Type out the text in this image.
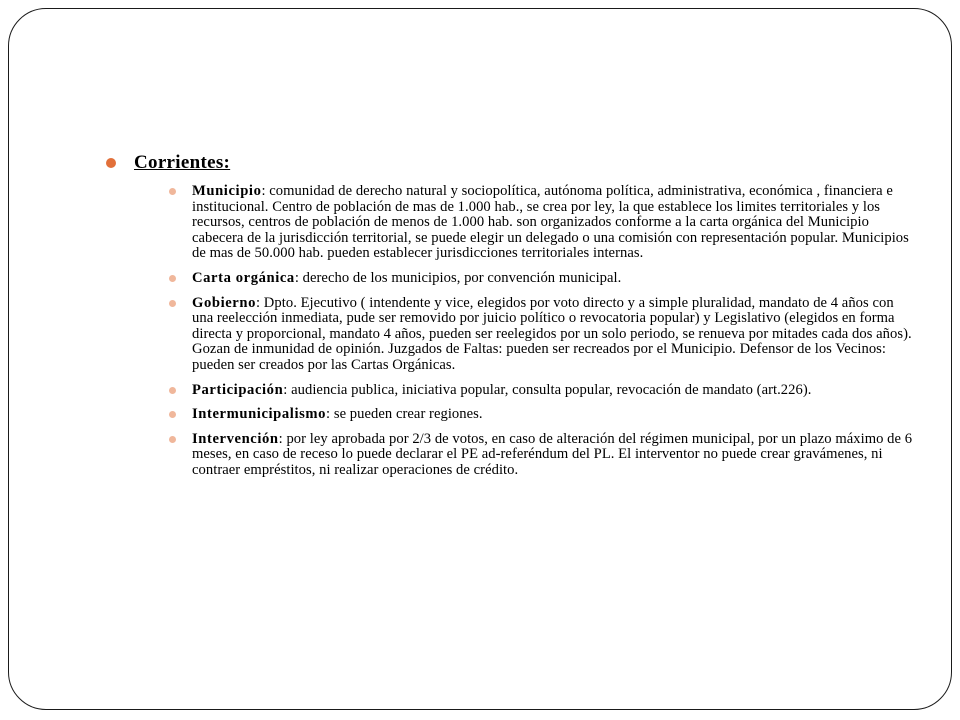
Corrientes:
Municipio: comunidad de derecho natural y sociopolítica, autónoma política, administrativa, económica , financiera e institucional. Centro de población de mas de 1.000 hab., se crea por ley, la que establece los limites territoriales y los recursos, centros de población de menos de 1.000 hab. son organizados conforme a la carta orgánica del Municipio cabecera de la jurisdicción territorial, se puede elegir un delegado o una comisión con representación popular. Municipios de mas de 50.000 hab. pueden establecer jurisdicciones territoriales internas.
Carta orgánica: derecho de los municipios, por convención municipal.
Gobierno: Dpto. Ejecutivo ( intendente y vice, elegidos por voto directo y a simple pluralidad, mandato de 4 años con una reelección inmediata, pude ser removido por juicio político o revocatoria popular) y Legislativo (elegidos en forma directa y proporcional, mandato 4 años, pueden ser reelegidos por un solo periodo, se renueva por mitades cada dos años). Gozan de inmunidad de opinión. Juzgados de Faltas: pueden ser recreados por el Municipio. Defensor de los Vecinos: pueden ser creados por las Cartas Orgánicas.
Participación: audiencia publica, iniciativa popular, consulta popular, revocación de mandato (art.226).
Intermunicipalismo: se pueden crear regiones.
Intervención: por ley aprobada por 2/3 de votos, en caso de alteración del régimen municipal, por un plazo máximo de 6 meses, en caso de receso lo puede declarar el PE ad-referéndum del PL. El interventor no puede crear gravámenes, ni contraer empréstitos, ni realizar operaciones de crédito.
